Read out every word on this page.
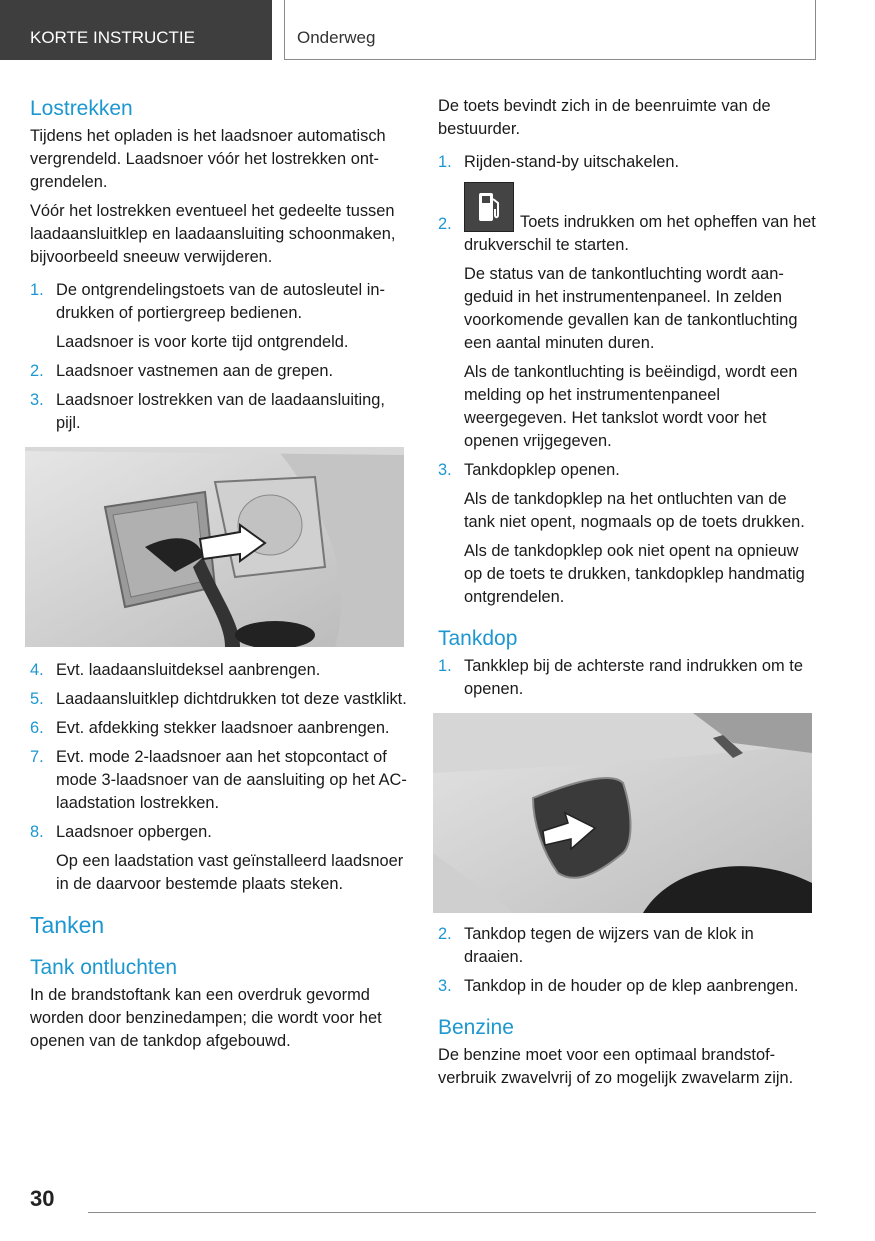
KORTE INSTRUCTIE	Onderweg
Lostrekken
Tijdens het opladen is het laadsnoer automatisch vergrendeld. Laadsnoer vóór het lostrekken ontgrendelen.
Vóór het lostrekken eventueel het gedeelte tussen laadaansluitklep en laadaansluiting schoonmaken, bijvoorbeeld sneeuw verwijderen.
1. De ontgrendelingstoets van de autosleutel indrukken of portiergreep bedienen.
Laadsnoer is voor korte tijd ontgrendeld.
2. Laadsnoer vastnemen aan de grepen.
3. Laadsnoer lostrekken van de laadaansluiting, pijl.
4. Evt. laadaansluitdeksel aanbrengen.
5. Laadaansluitklep dichtdrukken tot deze vastklikt.
6. Evt. afdekking stekker laadsnoer aanbrengen.
7. Evt. mode 2-laadsnoer aan het stopcontact of mode 3-laadsnoer van de aansluiting op het AC-laadstation lostrekken.
8. Laadsnoer opbergen.
Op een laadstation vast geïnstalleerd laadsnoer in de daarvoor bestemde plaats steken.
Tanken
Tank ontluchten
In de brandstoftank kan een overdruk gevormd worden door benzinedampen; die wordt voor het openen van de tankdop afgebouwd.
De toets bevindt zich in de beenruimte van de bestuurder.
1. Rijden-stand-by uitschakelen.
2.	Toets indrukken om het opheffen van het drukverschil te starten.
De status van de tankontluchting wordt aangeduid in het instrumentenpaneel. In zelden voorkomende gevallen kan de tankontluchting een aantal minuten duren.
Als de tankontluchting is beëindigd, wordt een melding op het instrumentenpaneel weergegeven. Het tankslot wordt voor het openen vrijgegeven.
3. Tankdopklep openen.
Als de tankdopklep na het ontluchten van de tank niet opent, nogmaals op de toets drukken.
Als de tankdopklep ook niet opent na opnieuw op de toets te drukken, tankdopklep handmatig ontgrendelen.
Tankdop
1. Tankklep bij de achterste rand indrukken om te openen.
2. Tankdop tegen de wijzers van de klok in draaien.
3. Tankdop in de houder op de klep aanbrengen.
Benzine
De benzine moet voor een optimaal brandstofverbruik zwavelvrij of zo mogelijk zwavelarm zijn.
30
